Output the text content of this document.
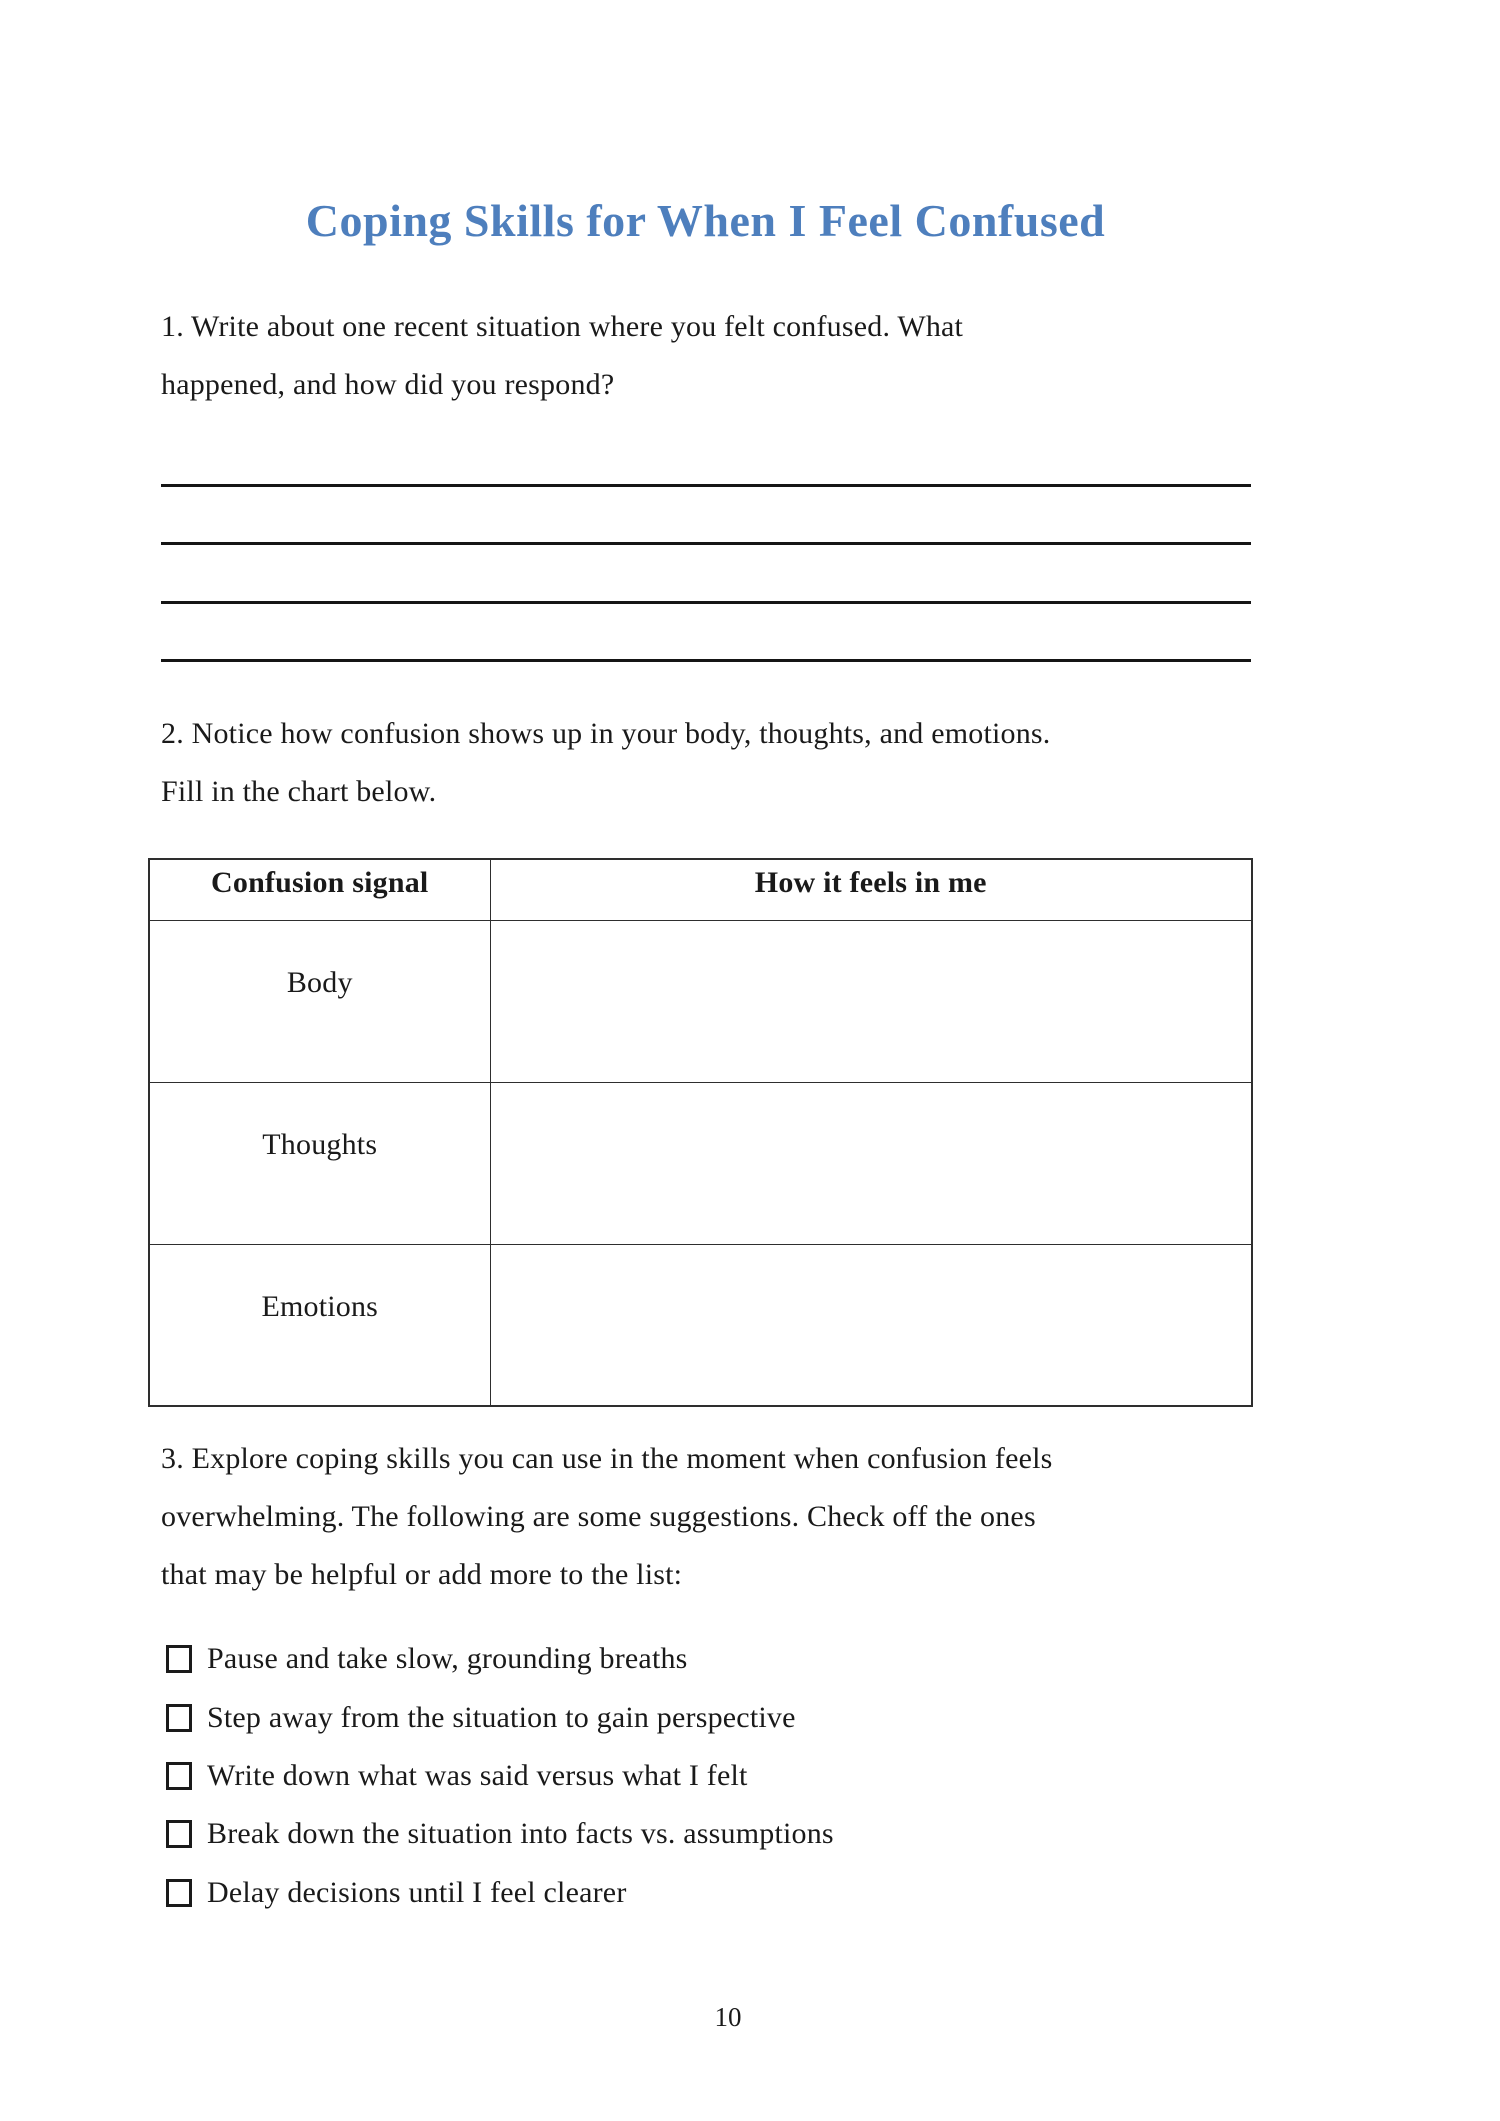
Coping Skills for When I Feel Confused
1. Write about one recent situation where you felt confused. What
happened, and how did you respond?
2. Notice how confusion shows up in your body, thoughts, and emotions.
Fill in the chart below.
Confusion signal	How it feels in me
Body	
Thoughts	
Emotions	
3. Explore coping skills you can use in the moment when confusion feels
overwhelming. The following are some suggestions. Check off the ones
that may be helpful or add more to the list:
Pause and take slow, grounding breaths
Step away from the situation to gain perspective
Write down what was said versus what I felt
Break down the situation into facts vs. assumptions
Delay decisions until I feel clearer
10
